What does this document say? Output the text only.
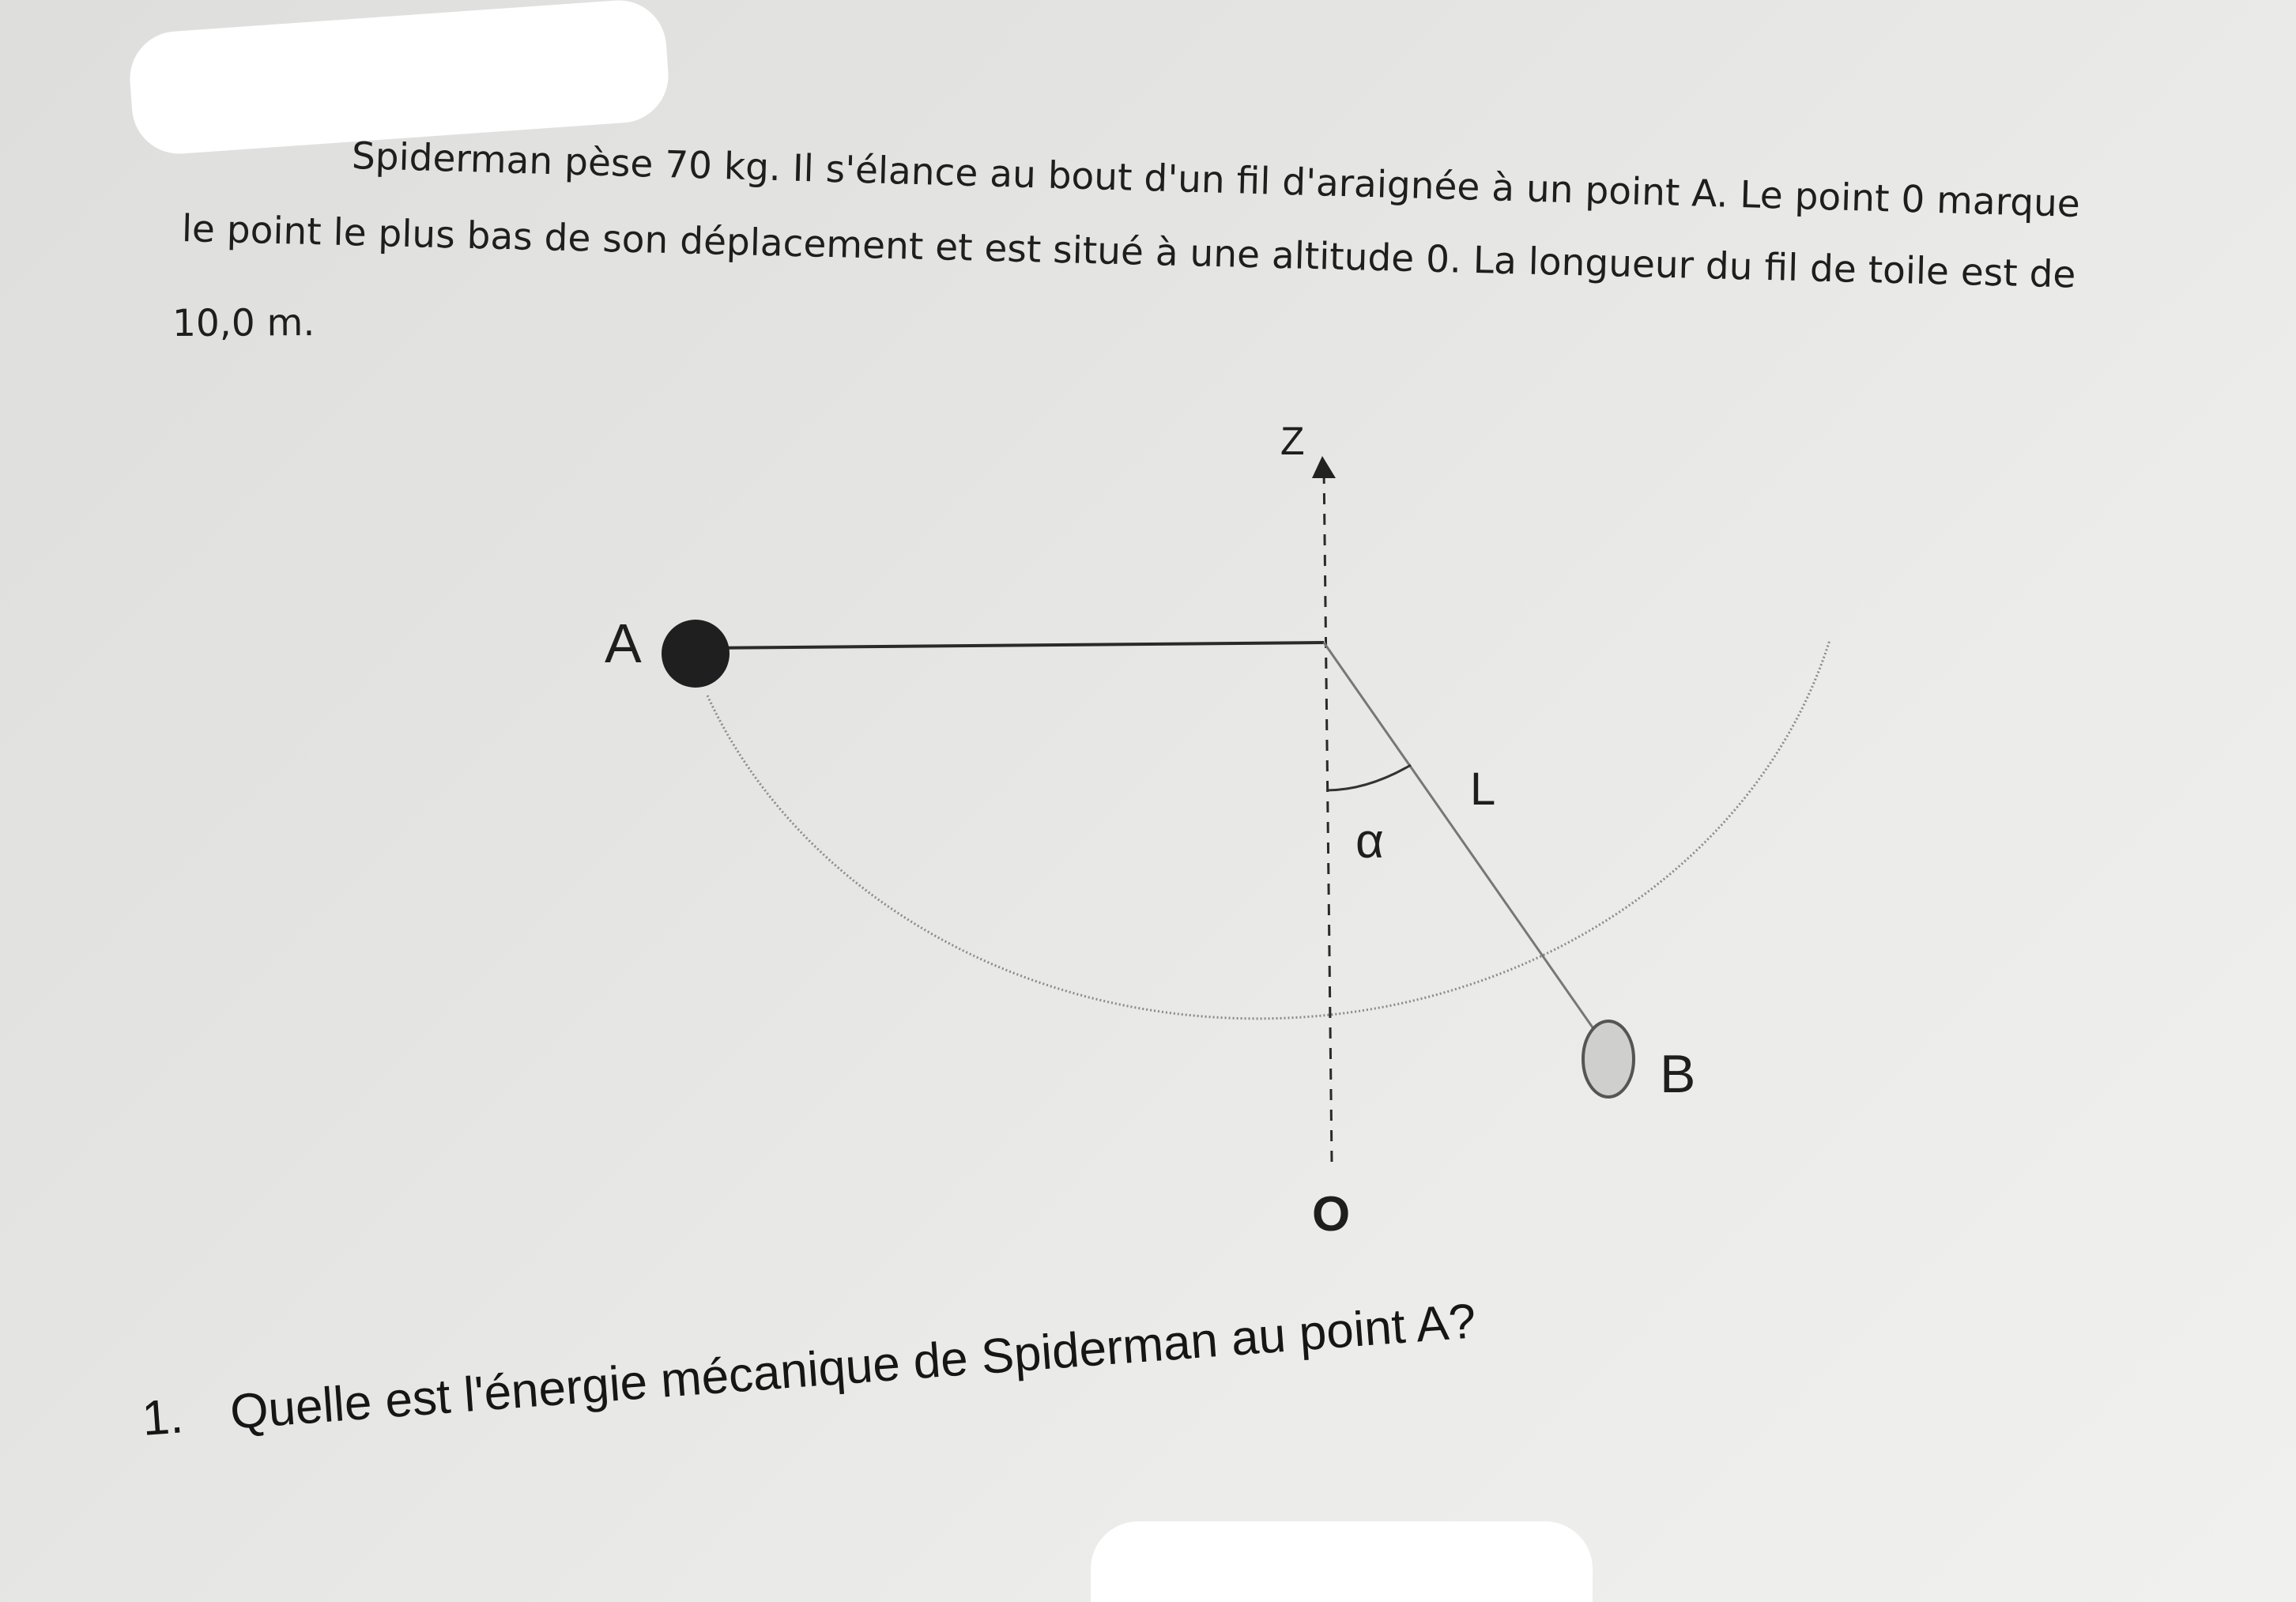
Spiderman pèse 70 kg. Il s'élance au bout d'un fil d'araignée à un point A. Le point 0 marque
le point le plus bas de son déplacement et est situé à une altitude 0. La longueur du fil de toile est de
10,0 m.
Z
A
B
O
α
L
1. Quelle est l'énergie mécanique de Spiderman au point A?
